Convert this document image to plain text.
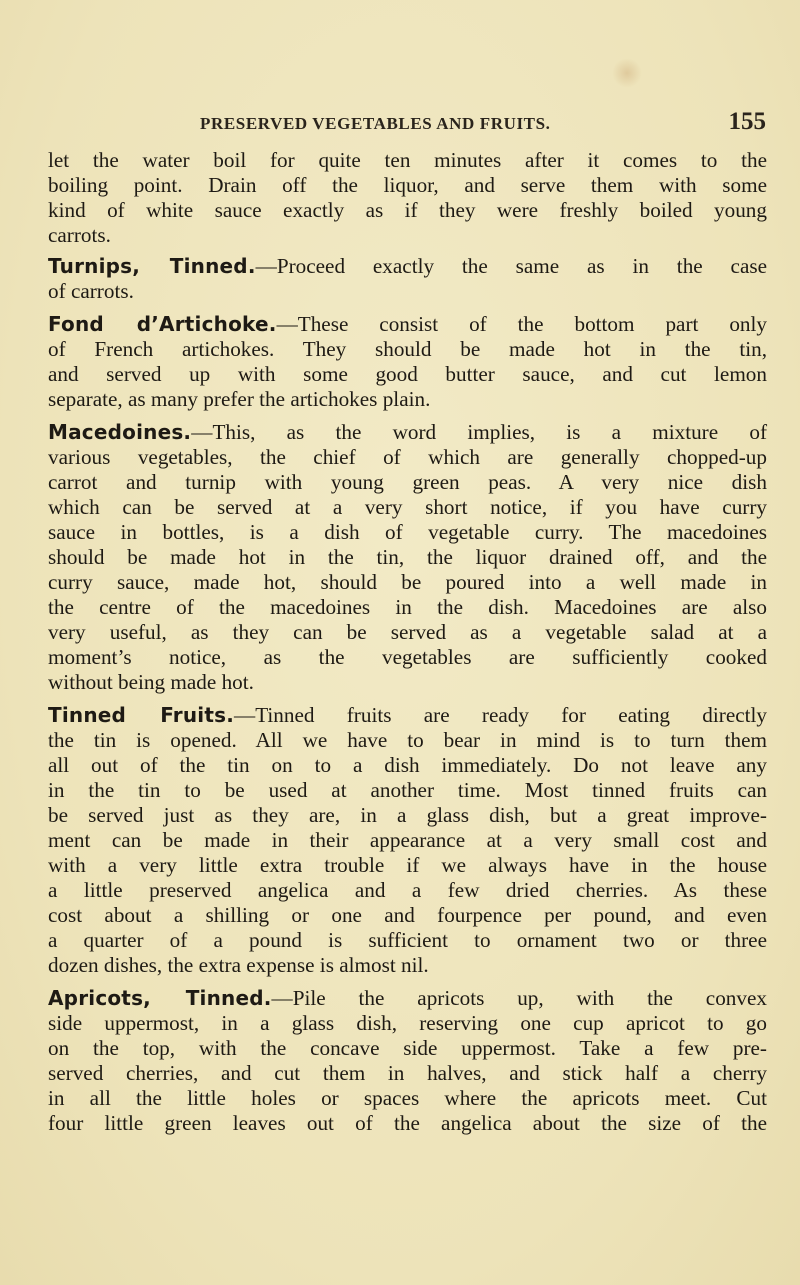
PRESERVED VEGETABLES AND FRUITS.	155
let the water boil for quite ten minutes after it comes to the
boiling point. Drain off the liquor, and serve them with some
kind of white sauce exactly as if they were freshly boiled young
carrots.
Turnips, Tinned.—Proceed exactly the same as in the case
of carrots.
Fond d’Artichoke.—These consist of the bottom part only
of French artichokes. They should be made hot in the tin,
and served up with some good butter sauce, and cut lemon
separate, as many prefer the artichokes plain.
Macedoines.—This, as the word implies, is a mixture of
various vegetables, the chief of which are generally chopped-up
carrot and turnip with young green peas. A very nice dish
which can be served at a very short notice, if you have curry
sauce in bottles, is a dish of vegetable curry. The macedoines
should be made hot in the tin, the liquor drained off, and the
curry sauce, made hot, should be poured into a well made in
the centre of the macedoines in the dish. Macedoines are also
very useful, as they can be served as a vegetable salad at a
moment’s notice, as the vegetables are sufficiently cooked
without being made hot.
Tinned Fruits.—Tinned fruits are ready for eating directly
the tin is opened. All we have to bear in mind is to turn them
all out of the tin on to a dish immediately. Do not leave any
in the tin to be used at another time. Most tinned fruits can
be served just as they are, in a glass dish, but a great improve-
ment can be made in their appearance at a very small cost and
with a very little extra trouble if we always have in the house
a little preserved angelica and a few dried cherries. As these
cost about a shilling or one and fourpence per pound, and even
a quarter of a pound is sufficient to ornament two or three
dozen dishes, the extra expense is almost nil.
Apricots, Tinned.—Pile the apricots up, with the convex
side uppermost, in a glass dish, reserving one cup apricot to go
on the top, with the concave side uppermost. Take a few pre-
served cherries, and cut them in halves, and stick half a cherry
in all the little holes or spaces where the apricots meet. Cut
four little green leaves out of the angelica about the size of the
